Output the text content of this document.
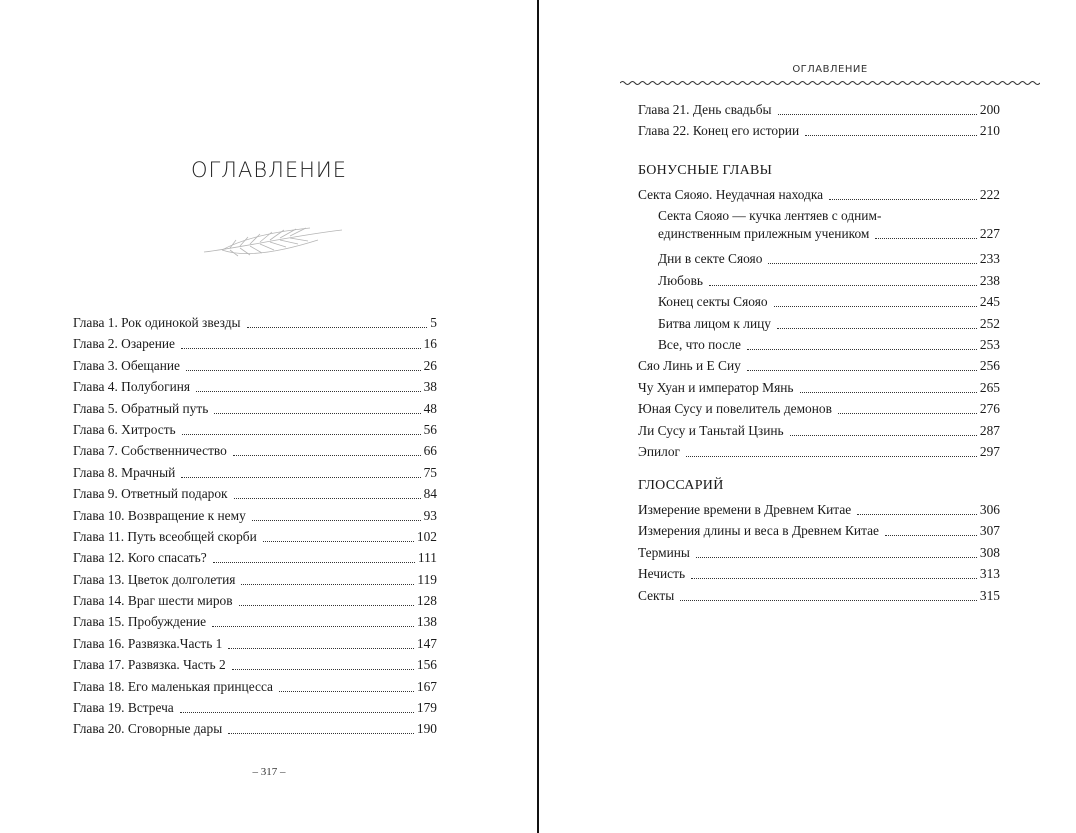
ОГЛАВЛЕНИЕ
Глава 1. Рок одинокой звезды	5
Глава 2. Озарение	16
Глава 3. Обещание	26
Глава 4. Полубогиня	38
Глава 5. Обратный путь	48
Глава 6. Хитрость	56
Глава 7. Собственничество	66
Глава 8. Мрачный	75
Глава 9. Ответный подарок	84
Глава 10. Возвращение к нему	93
Глава 11. Путь всеобщей скорби	102
Глава 12. Кого спасать?	111
Глава 13. Цветок долголетия	119
Глава 14. Враг шести миров	128
Глава 15. Пробуждение	138
Глава 16. Развязка.Часть 1	147
Глава 17. Развязка. Часть 2	156
Глава 18. Его маленькая принцесса	167
Глава 19. Встреча	179
Глава 20. Сговорные дары	190
– 317 –
ОГЛАВЛЕНИЕ
Глава 21. День свадьбы	200
Глава 22. Конец его истории	210
БОНУСНЫЕ ГЛАВЫ
Секта Сяояо. Неудачная находка	222
Секта Сяояо — кучка лентяев с одним-
единственным прилежным учеником	227
Дни в секте Сяояо	233
Любовь	238
Конец секты Сяояо	245
Битва лицом к лицу	252
Все, что после	253
Сяо Линь и Е Сиу	256
Чу Хуан и император Мянь	265
Юная Сусу и повелитель демонов	276
Ли Сусу и Таньтай Цзинь	287
Эпилог	297
ГЛОССАРИЙ
Измерение времени в Древнем Китае	306
Измерения длины и веса в Древнем Китае	307
Термины	308
Нечисть	313
Секты	315
